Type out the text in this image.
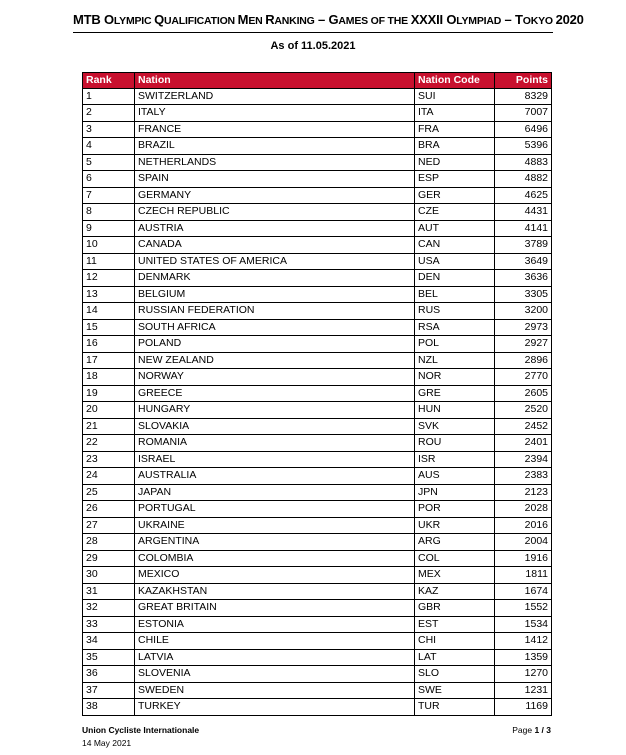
MTB OLYMPIC QUALIFICATION MEN RANKING – GAMES OF THE XXXII OLYMPIAD – TOKYO 2020
As of 11.05.2021
Rank	Nation	Nation Code	Points
1	SWITZERLAND	SUI	8329
2	ITALY	ITA	7007
3	FRANCE	FRA	6496
4	BRAZIL	BRA	5396
5	NETHERLANDS	NED	4883
6	SPAIN	ESP	4882
7	GERMANY	GER	4625
8	CZECH REPUBLIC	CZE	4431
9	AUSTRIA	AUT	4141
10	CANADA	CAN	3789
11	UNITED STATES OF AMERICA	USA	3649
12	DENMARK	DEN	3636
13	BELGIUM	BEL	3305
14	RUSSIAN FEDERATION	RUS	3200
15	SOUTH AFRICA	RSA	2973
16	POLAND	POL	2927
17	NEW ZEALAND	NZL	2896
18	NORWAY	NOR	2770
19	GREECE	GRE	2605
20	HUNGARY	HUN	2520
21	SLOVAKIA	SVK	2452
22	ROMANIA	ROU	2401
23	ISRAEL	ISR	2394
24	AUSTRALIA	AUS	2383
25	JAPAN	JPN	2123
26	PORTUGAL	POR	2028
27	UKRAINE	UKR	2016
28	ARGENTINA	ARG	2004
29	COLOMBIA	COL	1916
30	MEXICO	MEX	1811
31	KAZAKHSTAN	KAZ	1674
32	GREAT BRITAIN	GBR	1552
33	ESTONIA	EST	1534
34	CHILE	CHI	1412
35	LATVIA	LAT	1359
36	SLOVENIA	SLO	1270
37	SWEDEN	SWE	1231
38	TURKEY	TUR	1169
Union Cycliste Internationale
14 May 2021
Page 1 / 3
